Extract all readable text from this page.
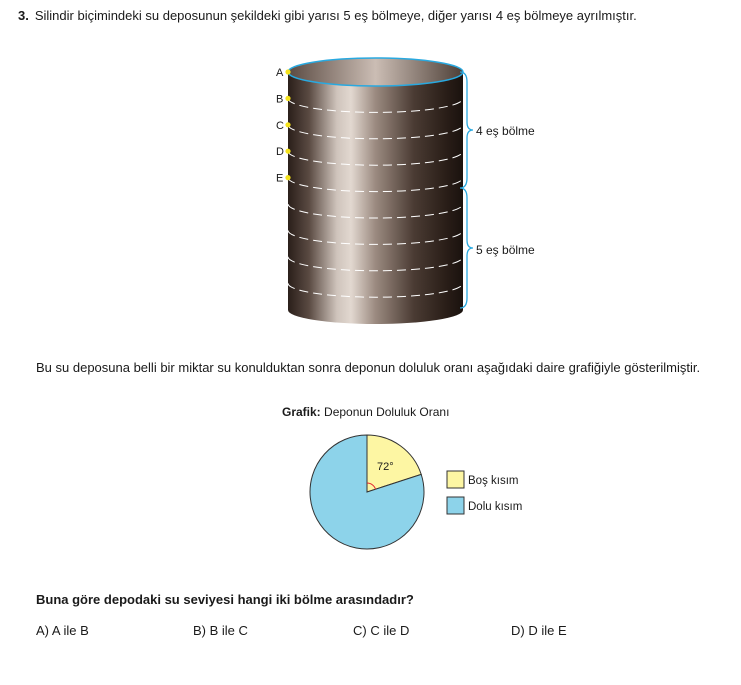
3. Silindir biçimindeki su deposunun şekildeki gibi yarısı 5 eş bölmeye, diğer yarısı 4 eş bölmeye ayrılmıştır.
A
B
C
D
E
4 eş bölme
5 eş bölme
Bu su deposuna belli bir miktar su konulduktan sonra deponun doluluk oranı aşağıdaki daire grafiğiyle gösterilmiştir.
Grafik: Deponun Doluluk Oranı
72°
Boş kısım
Dolu kısım
Buna göre depodaki su seviyesi hangi iki bölme arasındadır?
A) A ile B	B) B ile C	C) C ile D	D) D ile E
